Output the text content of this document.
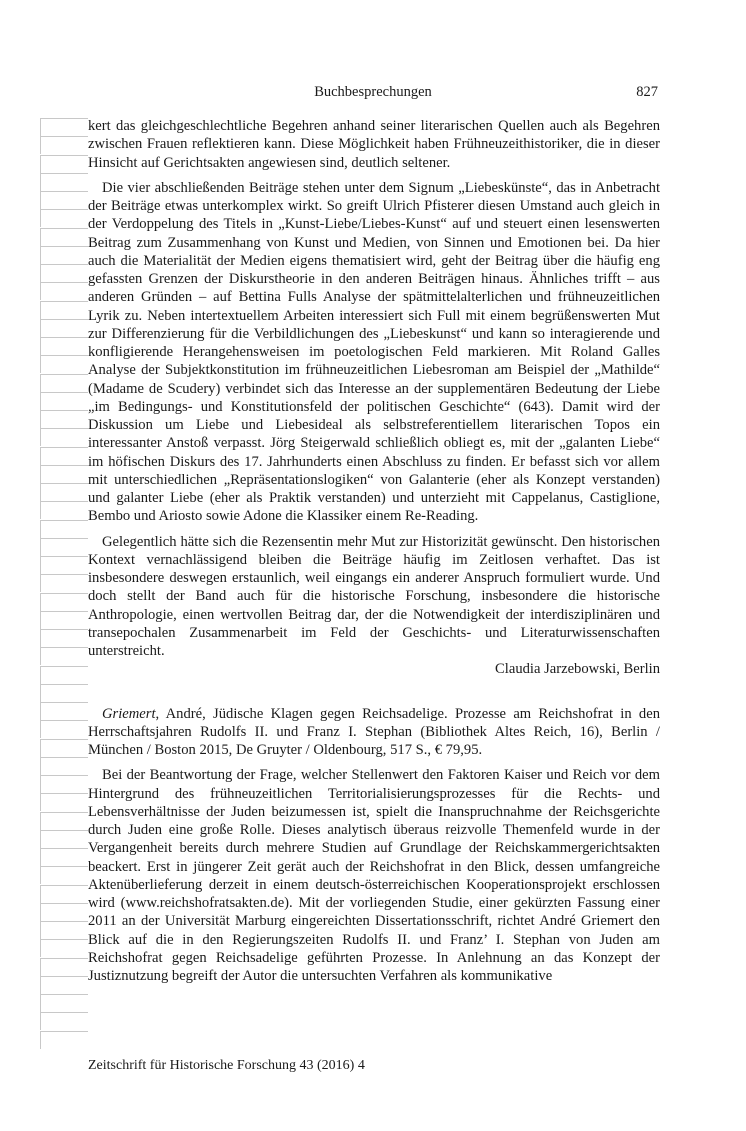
Buchbesprechungen	827

kert das gleichgeschlechtliche Begehren anhand seiner literarischen Quellen auch als Begehren zwischen Frauen reflektieren kann. Diese Möglichkeit haben Frühneuzeithistoriker, die in dieser Hinsicht auf Gerichtsakten angewiesen sind, deutlich seltener.

Die vier abschließenden Beiträge stehen unter dem Signum „Liebeskünste“, das in Anbetracht der Beiträge etwas unterkomplex wirkt. So greift Ulrich Pfisterer diesen Umstand auch gleich in der Verdoppelung des Titels in „Kunst-Liebe/Liebes-Kunst“ auf und steuert einen lesenswerten Beitrag zum Zusammenhang von Kunst und Medien, von Sinnen und Emotionen bei. Da hier auch die Materialität der Medien eigens thematisiert wird, geht der Beitrag über die häufig eng gefassten Grenzen der Diskurstheorie in den anderen Beiträgen hinaus. Ähnliches trifft – aus anderen Gründen – auf Bettina Fulls Analyse der spätmittelalterlichen und frühneuzeitlichen Lyrik zu. Neben intertextuellem Arbeiten interessiert sich Full mit einem begrüßenswerten Mut zur Differenzierung für die Verbildlichungen des „Liebeskunst“ und kann so interagierende und konfligierende Herangehensweisen im poetologischen Feld markieren. Mit Roland Galles Analyse der Subjektkonstitution im frühneuzeitlichen Liebesroman am Beispiel der „Mathilde“ (Madame de Scudery) verbindet sich das Interesse an der supplementären Bedeutung der Liebe „im Bedingungs- und Konstitutionsfeld der politischen Geschichte“ (643). Damit wird der Diskussion um Liebe und Liebesideal als selbstreferentiellem literarischen Topos ein interessanter Anstoß verpasst. Jörg Steigerwald schließlich obliegt es, mit der „galanten Liebe“ im höfischen Diskurs des 17. Jahrhunderts einen Abschluss zu finden. Er befasst sich vor allem mit unterschiedlichen „Repräsentationslogiken“ von Galanterie (eher als Konzept verstanden) und galanter Liebe (eher als Praktik verstanden) und unterzieht mit Cappelanus, Castiglione, Bembo und Ariosto sowie Adone die Klassiker einem Re-Reading.

Gelegentlich hätte sich die Rezensentin mehr Mut zur Historizität gewünscht. Den historischen Kontext vernachlässigend bleiben die Beiträge häufig im Zeitlosen verhaftet. Das ist insbesondere deswegen erstaunlich, weil eingangs ein anderer Anspruch formuliert wurde. Und doch stellt der Band auch für die historische Forschung, insbesondere die historische Anthropologie, einen wertvollen Beitrag dar, der die Notwendigkeit der interdisziplinären und transepochalen Zusammenarbeit im Feld der Geschichts- und Literaturwissenschaften unterstreicht.

Claudia Jarzebowski, Berlin

Griemert, André, Jüdische Klagen gegen Reichsadelige. Prozesse am Reichshofrat in den Herrschaftsjahren Rudolfs II. und Franz I. Stephan (Bibliothek Altes Reich, 16), Berlin / München / Boston 2015, De Gruyter / Oldenbourg, 517 S., € 79,95.

Bei der Beantwortung der Frage, welcher Stellenwert den Faktoren Kaiser und Reich vor dem Hintergrund des frühneuzeitlichen Territorialisierungsprozesses für die Rechts- und Lebensverhältnisse der Juden beizumessen ist, spielt die Inanspruchnahme der Reichsgerichte durch Juden eine große Rolle. Dieses analytisch überaus reizvolle Themenfeld wurde in der Vergangenheit bereits durch mehrere Studien auf Grundlage der Reichskammergerichtsakten beackert. Erst in jüngerer Zeit gerät auch der Reichshofrat in den Blick, dessen umfangreiche Aktenüberlieferung derzeit in einem deutsch-österreichischen Kooperationsprojekt erschlossen wird (www.reichshofratsakten.de). Mit der vorliegenden Studie, einer gekürzten Fassung einer 2011 an der Universität Marburg eingereichten Dissertationsschrift, richtet André Griemert den Blick auf die in den Regierungszeiten Rudolfs II. und Franz’ I. Stephan von Juden am Reichshofrat gegen Reichsadelige geführten Prozesse. In Anlehnung an das Konzept der Justiznutzung begreift der Autor die untersuchten Verfahren als kommunikative

Zeitschrift für Historische Forschung 43 (2016) 4
